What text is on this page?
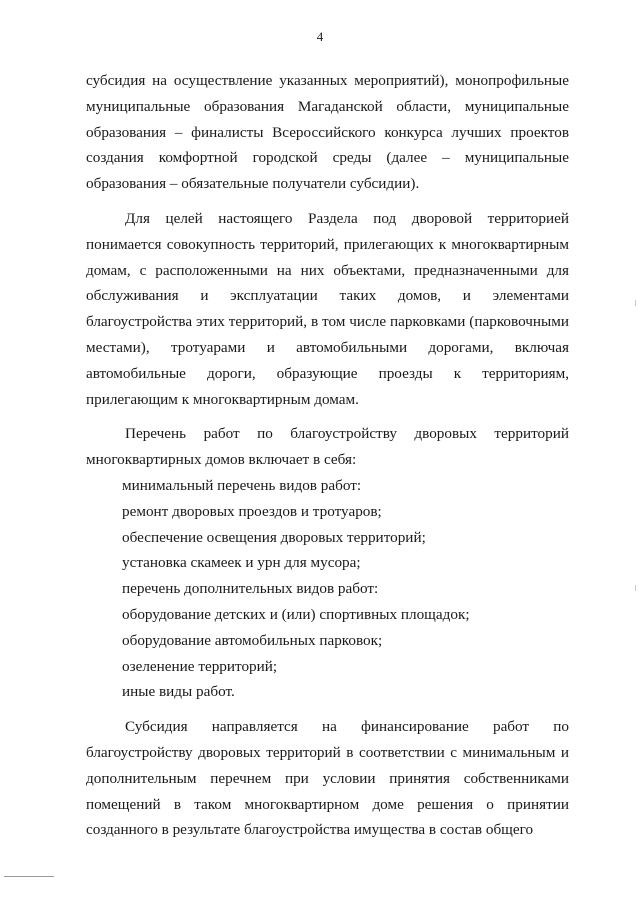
4

субсидия на осуществление указанных мероприятий), монопрофильные муниципальные образования Магаданской области, муниципальные образования – финалисты Всероссийского конкурса лучших проектов создания комфортной городской среды (далее – муниципальные образования – обязательные получатели субсидии).

Для целей настоящего Раздела под дворовой территорией понимается совокупность территорий, прилегающих к многоквартирным домам, с расположенными на них объектами, предназначенными для обслуживания и эксплуатации таких домов, и элементами благоустройства этих территорий, в том числе парковками (парковочными местами), тротуарами и автомобильными дорогами, включая автомобильные дороги, образующие проезды к территориям, прилегающим к многоквартирным домам.

Перечень работ по благоустройству дворовых территорий многоквартирных домов включает в себя:

минимальный перечень видов работ:

ремонт дворовых проездов и тротуаров;

обеспечение освещения дворовых территорий;

установка скамеек и урн для мусора;

перечень дополнительных видов работ:

оборудование детских и (или) спортивных площадок;

оборудование автомобильных парковок;

озеленение территорий;

иные виды работ.

Субсидия направляется на финансирование работ по благоустройству дворовых территорий в соответствии с минимальным и дополнительным перечнем при условии принятия собственниками помещений в таком многоквартирном доме решения о принятии созданного в результате благоустройства имущества в состав общего
